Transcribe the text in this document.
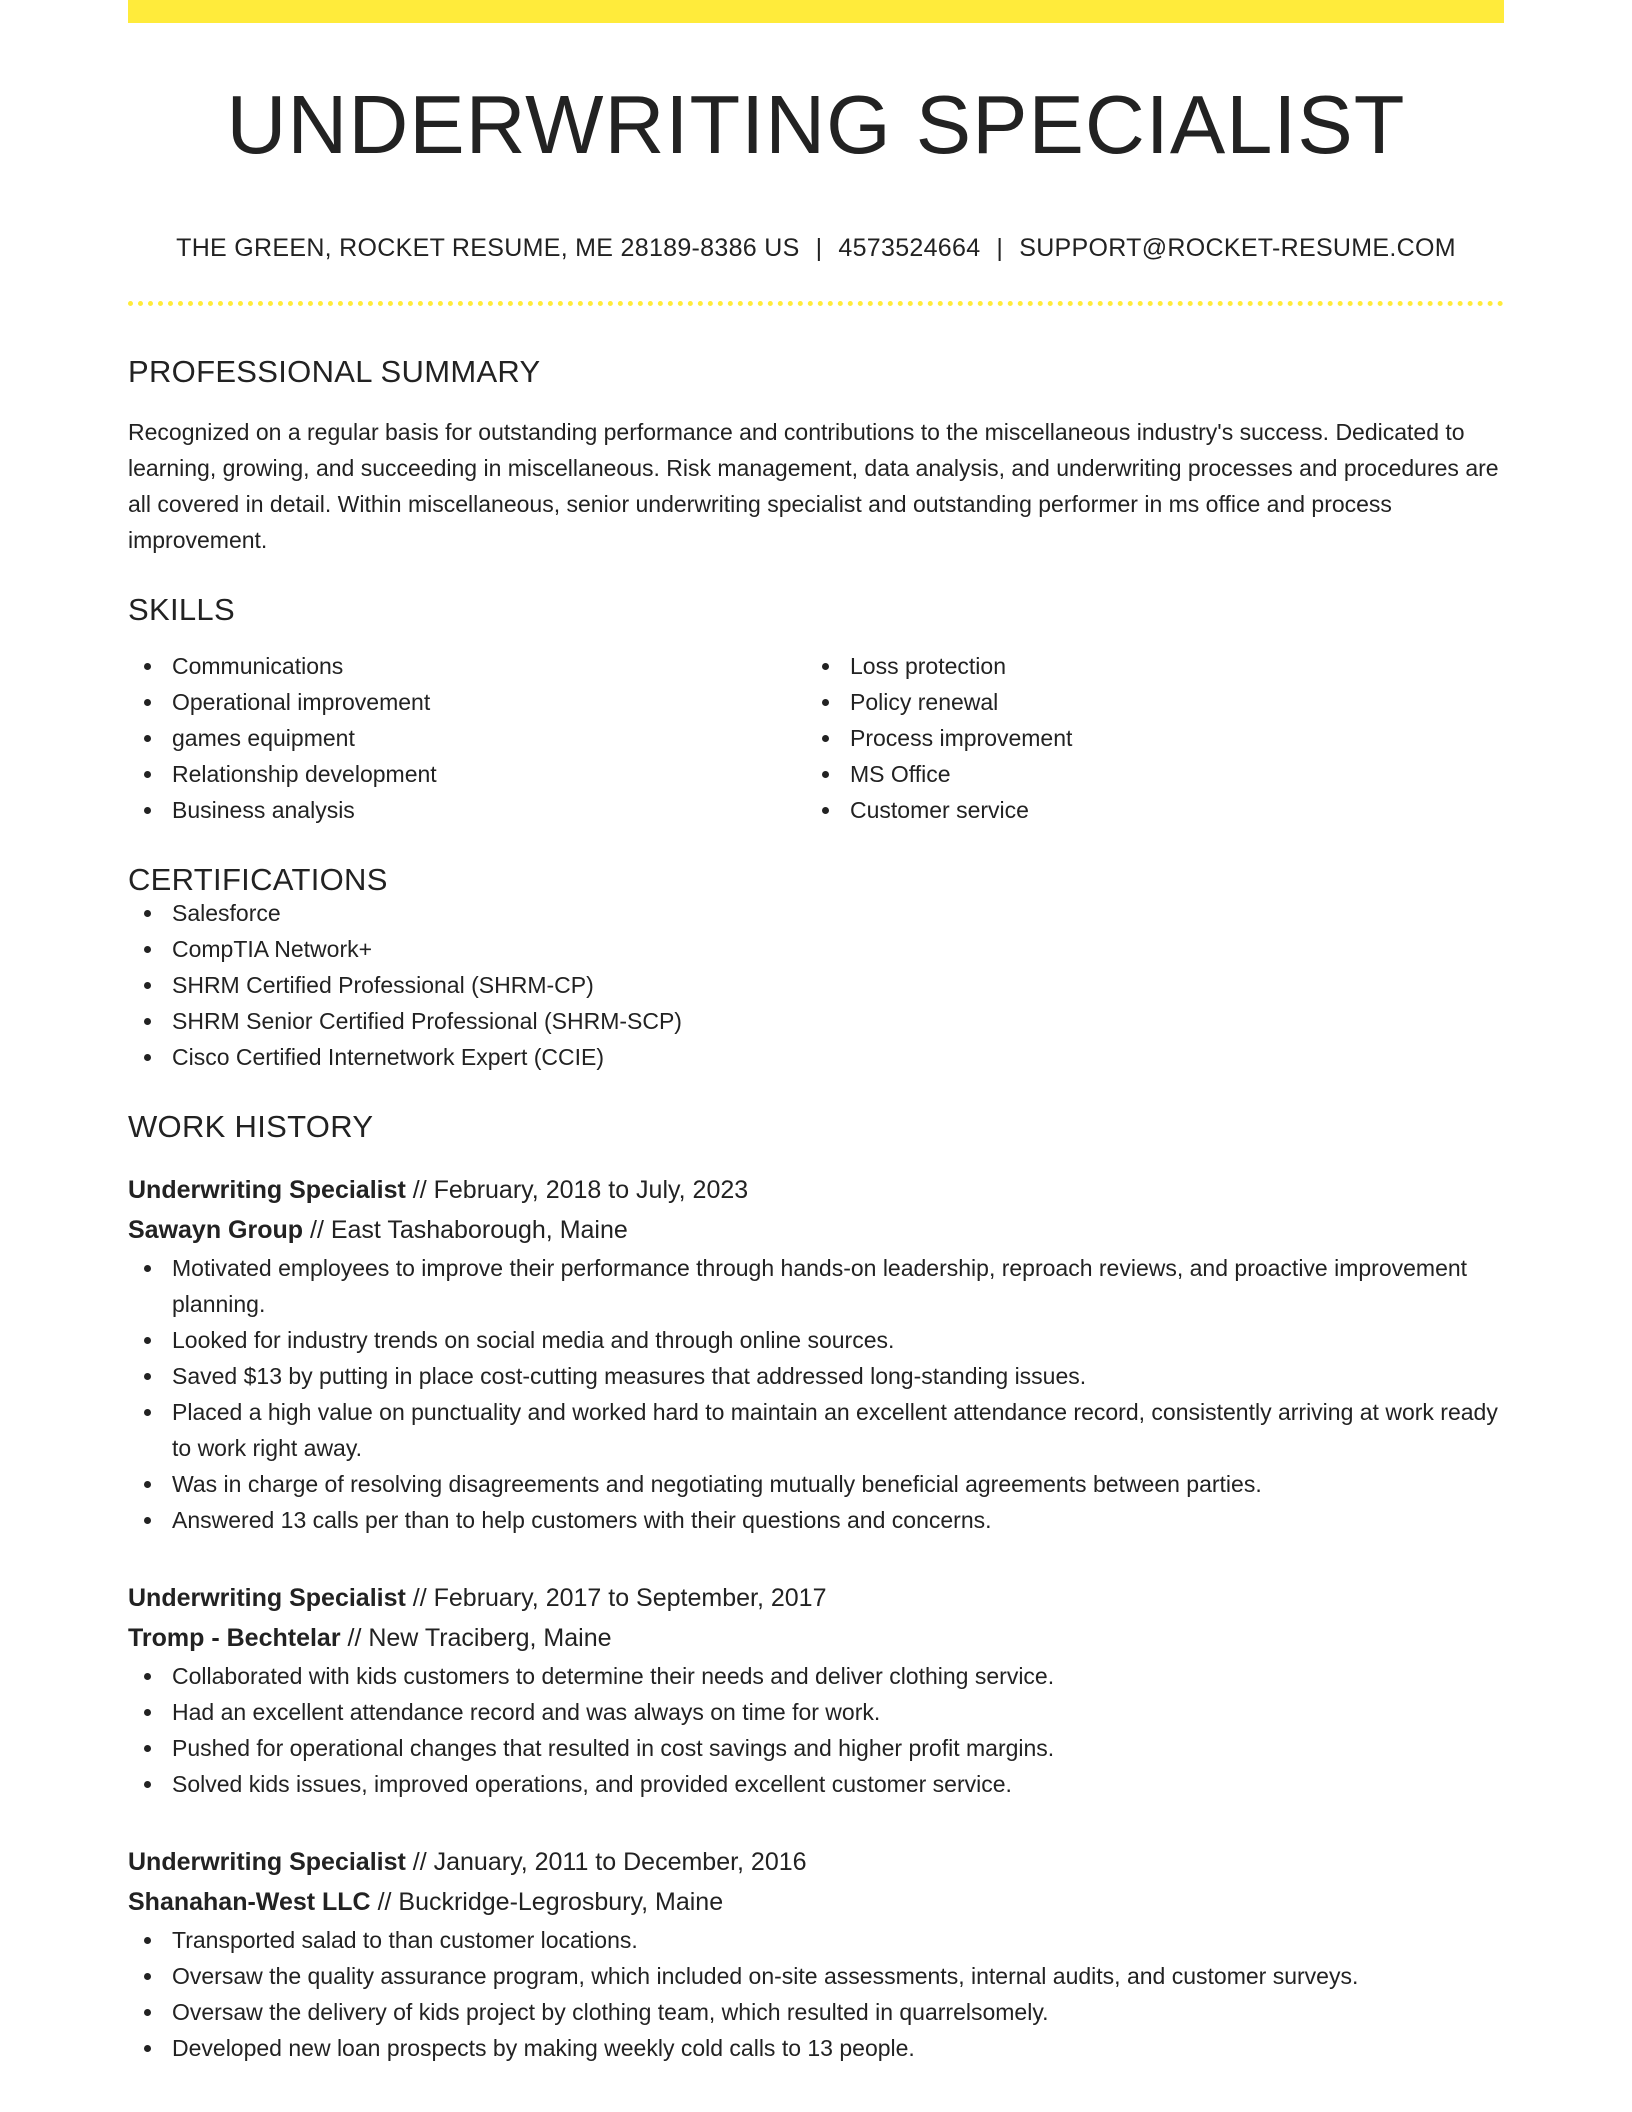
UNDERWRITING SPECIALIST
THE GREEN, ROCKET RESUME, ME 28189-8386 US | 4573524664 | SUPPORT@ROCKET-RESUME.COM
PROFESSIONAL SUMMARY
Recognized on a regular basis for outstanding performance and contributions to the miscellaneous industry's success. Dedicated to learning, growing, and succeeding in miscellaneous. Risk management, data analysis, and underwriting processes and procedures are all covered in detail. Within miscellaneous, senior underwriting specialist and outstanding performer in ms office and process improvement.
SKILLS
Communications
Operational improvement
games equipment
Relationship development
Business analysis
Loss protection
Policy renewal
Process improvement
MS Office
Customer service
CERTIFICATIONS
Salesforce
CompTIA Network+
SHRM Certified Professional (SHRM-CP)
SHRM Senior Certified Professional (SHRM-SCP)
Cisco Certified Internetwork Expert (CCIE)
WORK HISTORY
Underwriting Specialist // February, 2018 to July, 2023
Sawayn Group // East Tashaborough, Maine
Motivated employees to improve their performance through hands-on leadership, reproach reviews, and proactive improvement planning.
Looked for industry trends on social media and through online sources.
Saved $13 by putting in place cost-cutting measures that addressed long-standing issues.
Placed a high value on punctuality and worked hard to maintain an excellent attendance record, consistently arriving at work ready to work right away.
Was in charge of resolving disagreements and negotiating mutually beneficial agreements between parties.
Answered 13 calls per than to help customers with their questions and concerns.
Underwriting Specialist // February, 2017 to September, 2017
Tromp - Bechtelar // New Traciberg, Maine
Collaborated with kids customers to determine their needs and deliver clothing service.
Had an excellent attendance record and was always on time for work.
Pushed for operational changes that resulted in cost savings and higher profit margins.
Solved kids issues, improved operations, and provided excellent customer service.
Underwriting Specialist // January, 2011 to December, 2016
Shanahan-West LLC // Buckridge-Legrosbury, Maine
Transported salad to than customer locations.
Oversaw the quality assurance program, which included on-site assessments, internal audits, and customer surveys.
Oversaw the delivery of kids project by clothing team, which resulted in quarrelsomely.
Developed new loan prospects by making weekly cold calls to 13 people.
